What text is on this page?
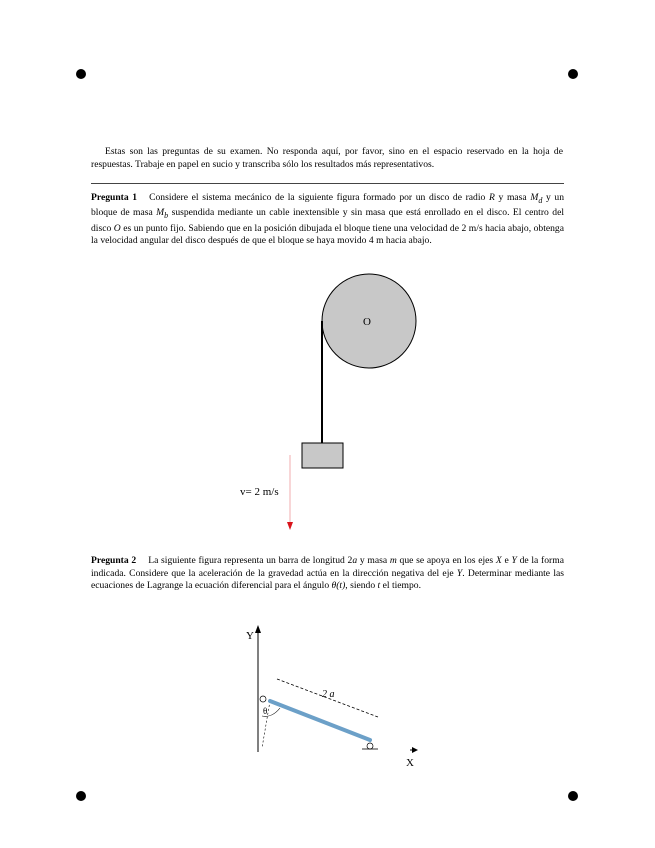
Estas son las preguntas de su examen. No responda aquí, por favor, sino en el espacio reservado en la hoja de respuestas. Trabaje en papel en sucio y transcriba sólo los resultados más representativos.

Pregunta 1 Considere el sistema mecánico de la siguiente figura formado por un disco de radio R y masa $M_d$ y un bloque de masa $M_b$ suspendida mediante un cable inextensible y sin masa que está enrollado en el disco. El centro del disco O es un punto fijo. Sabiendo que en la posición dibujada el bloque tiene una velocidad de 2 m/s hacia abajo, obtenga la velocidad angular del disco después de que el bloque se haya movido 4 m hacia abajo.

O
v= 2 m/s

Pregunta 2 La siguiente figura representa un barra de longitud 2a y masa m que se apoya en los ejes X e Y de la forma indicada. Considere que la aceleración de la gravedad actúa en la dirección negativa del eje Y. Determinar mediante las ecuaciones de Lagrange la ecuación diferencial para el ángulo θ(t), siendo t el tiempo.

Y
X
2 a
θ
